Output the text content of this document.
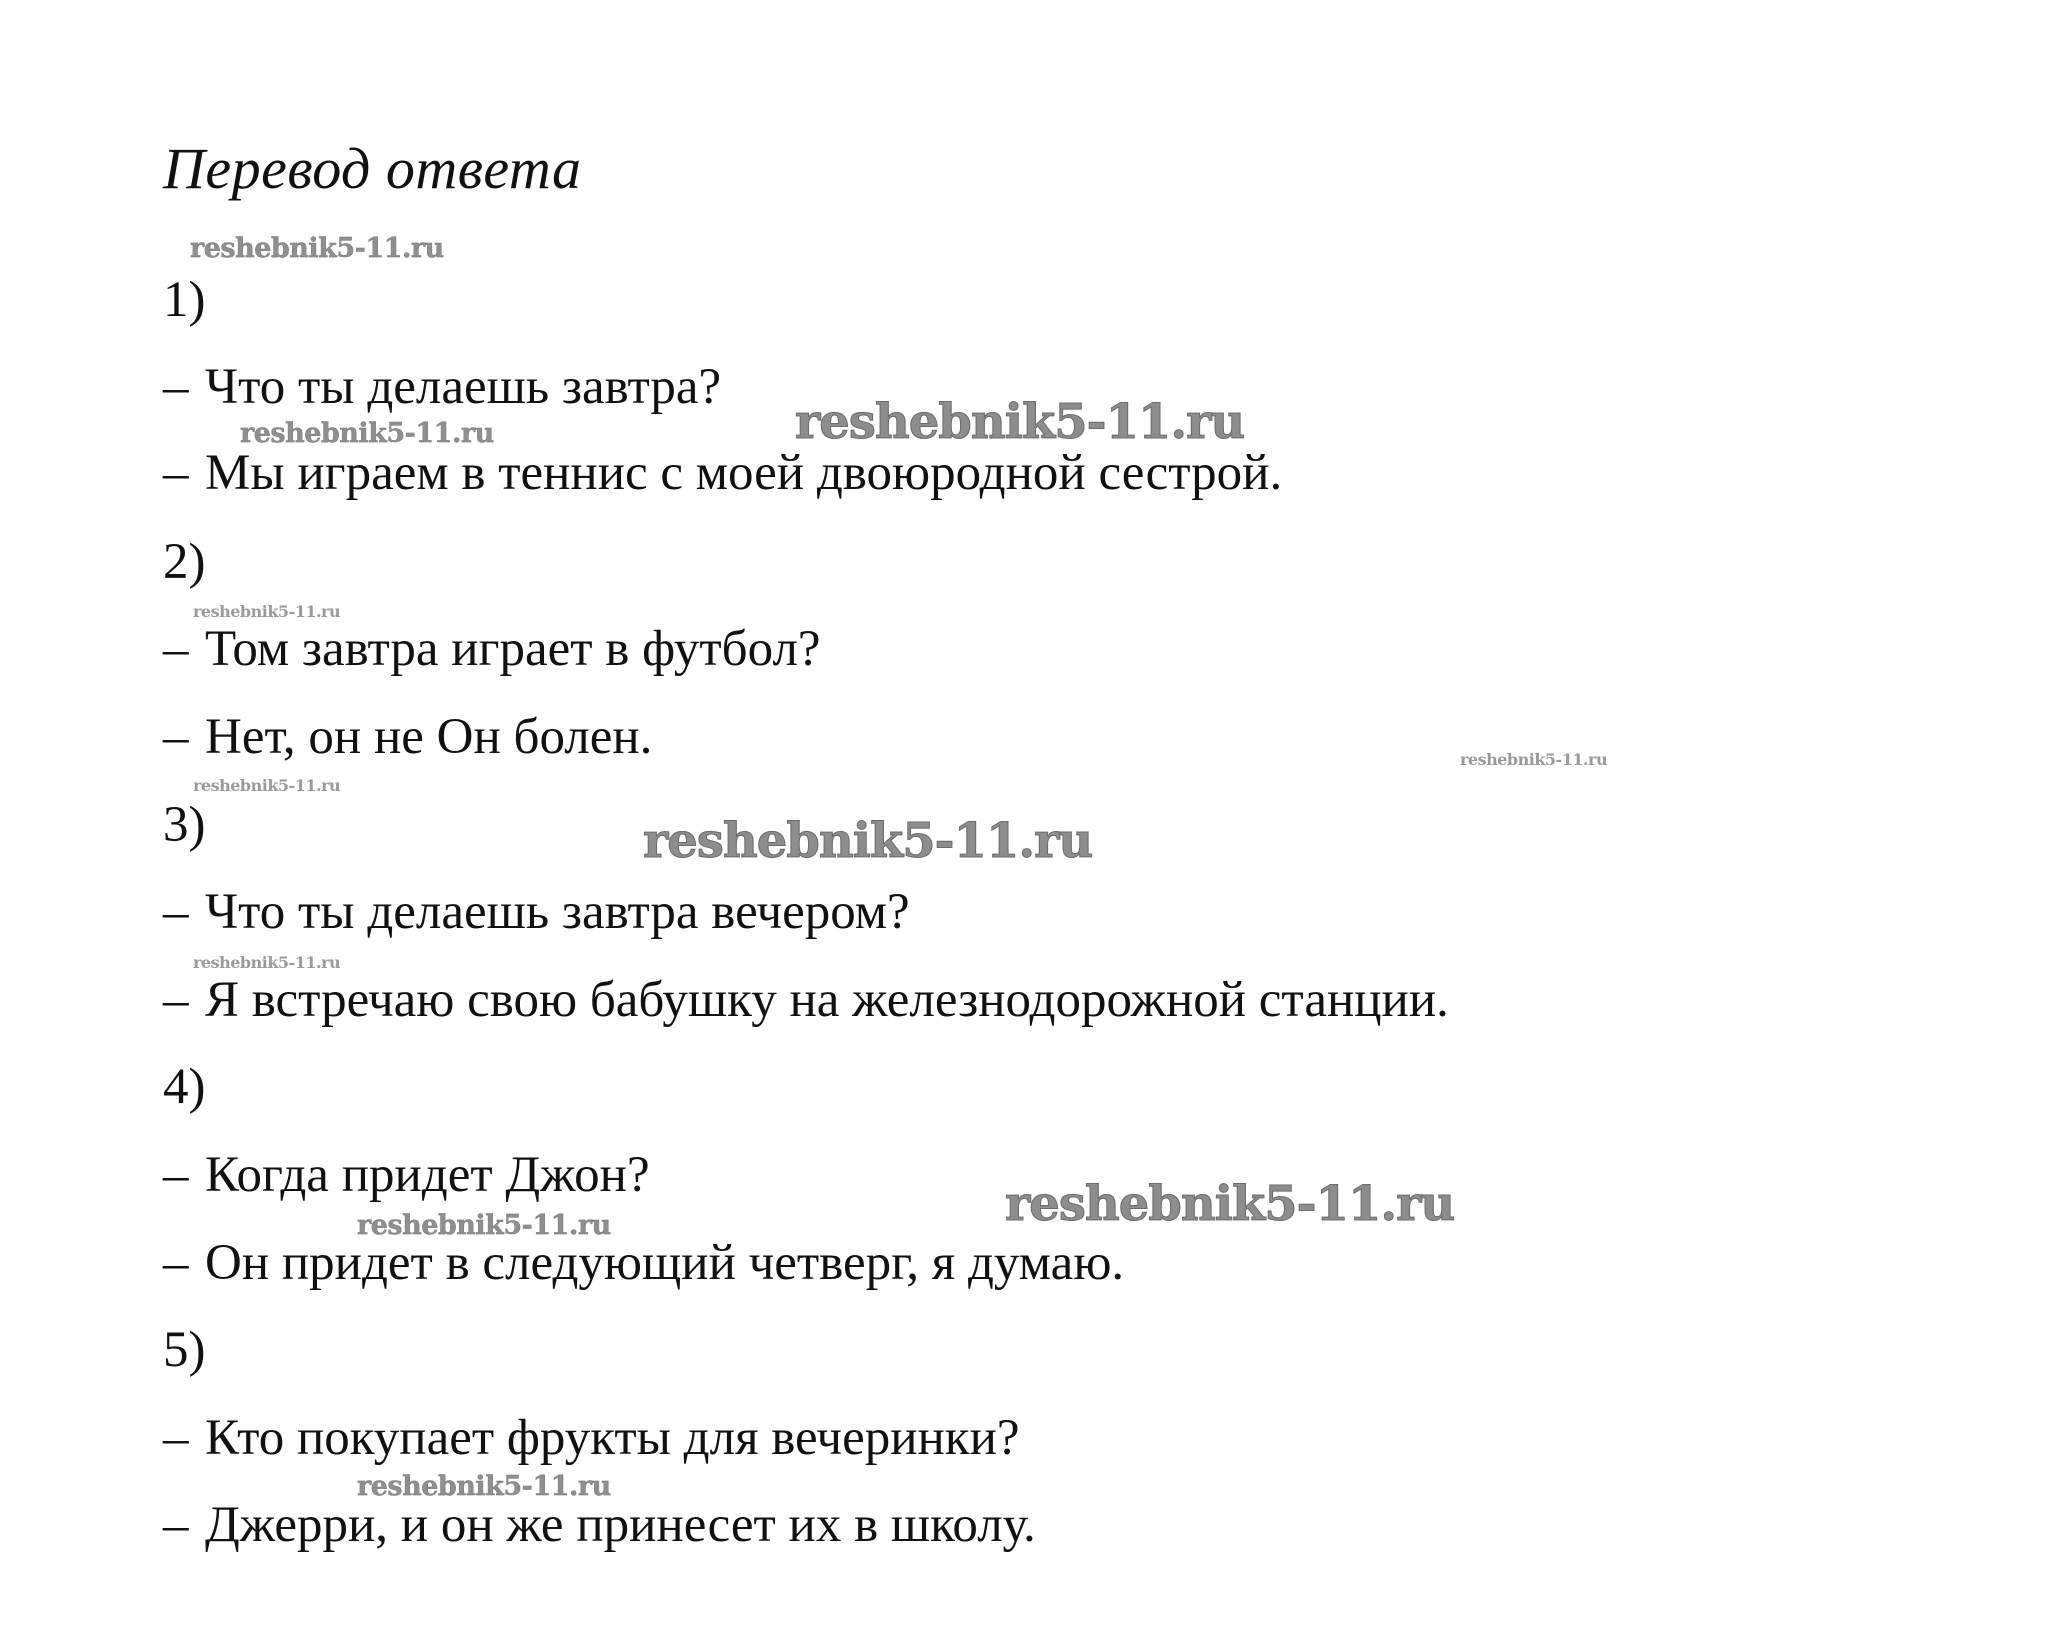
Перевод ответа
1)
– Что ты делаешь завтра?
– Мы играем в теннис с моей двоюродной сестрой.
2)
– Том завтра играет в футбол?
– Нет, он не Он болен.
3)
– Что ты делаешь завтра вечером?
– Я встречаю свою бабушку на железнодорожной станции.
4)
– Когда придет Джон?
– Он придет в следующий четверг, я думаю.
5)
– Кто покупает фрукты для вечеринки?
– Джерри, и он же принесет их в школу.
reshebnik5-11.ru
reshebnik5-11.ru
reshebnik5-11.ru
reshebnik5-11.ru
reshebnik5-11.ru
reshebnik5-11.ru
reshebnik5-11.ru
reshebnik5-11.ru
reshebnik5-11.ru
reshebnik5-11.ru
reshebnik5-11.ru
